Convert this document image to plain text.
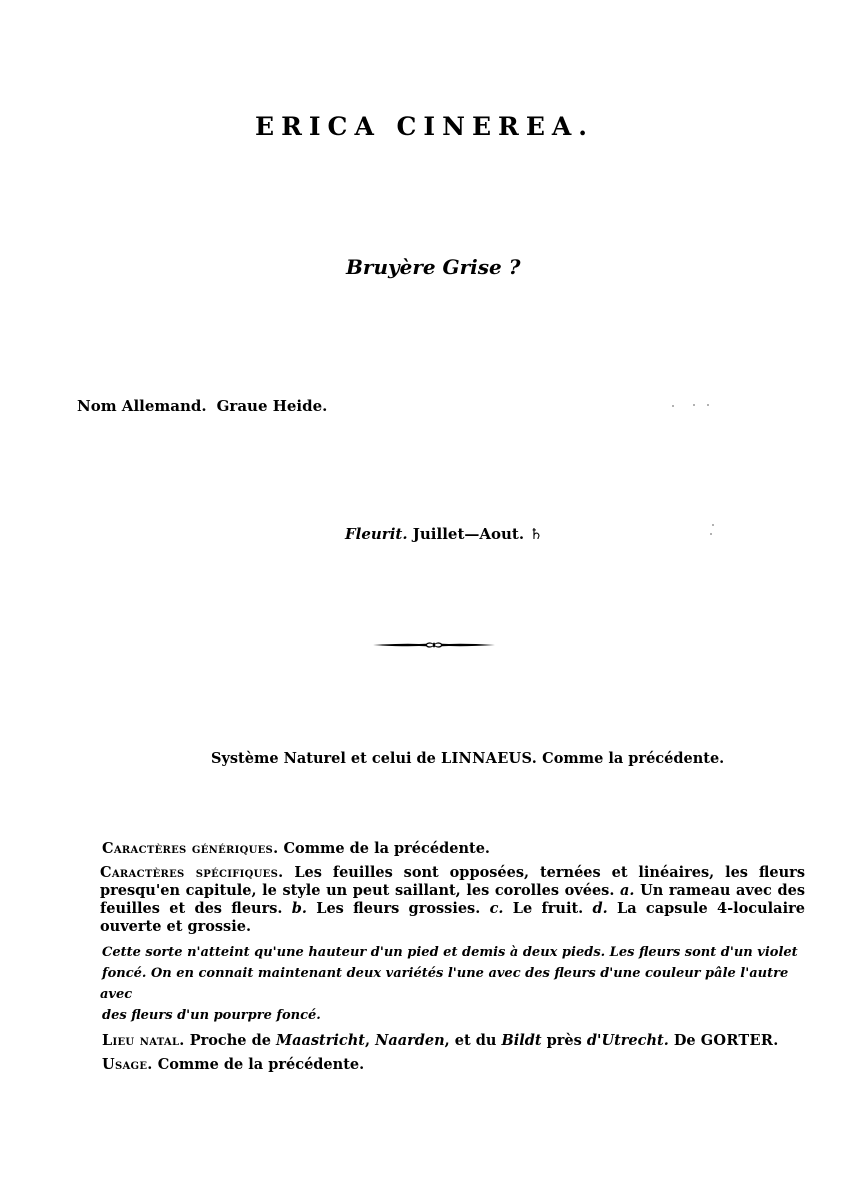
ERICA CINEREA.
Bruyère Grise ?
Nom Allemand. Graue Heide.
Fleurit. Juillet—Aout. ♄
Système Naturel et celui de LINNAEUS. Comme la précédente.

Caractères génériques. Comme de la précédente.

Caractères spécifiques. Les feuilles sont opposées, ternées et linéaires, les fleurs presqu'en capitule, le style un peut saillant, les corolles ovées. a. Un rameau avec des feuilles et des fleurs. b. Les fleurs grossies. c. Le fruit. d. La capsule 4-loculaire ouverte et grossie.

Cette sorte n'atteint qu'une hauteur d'un pied et demis à deux pieds. Les fleurs sont d'un violet
foncé. On en connait maintenant deux variétés l'une avec des fleurs d'une couleur pâle l'autre avec
des fleurs d'un pourpre foncé.

Lieu natal. Proche de Maastricht, Naarden, et du Bildt près d'Utrecht. De GORTER.

Usage. Comme de la précédente.
